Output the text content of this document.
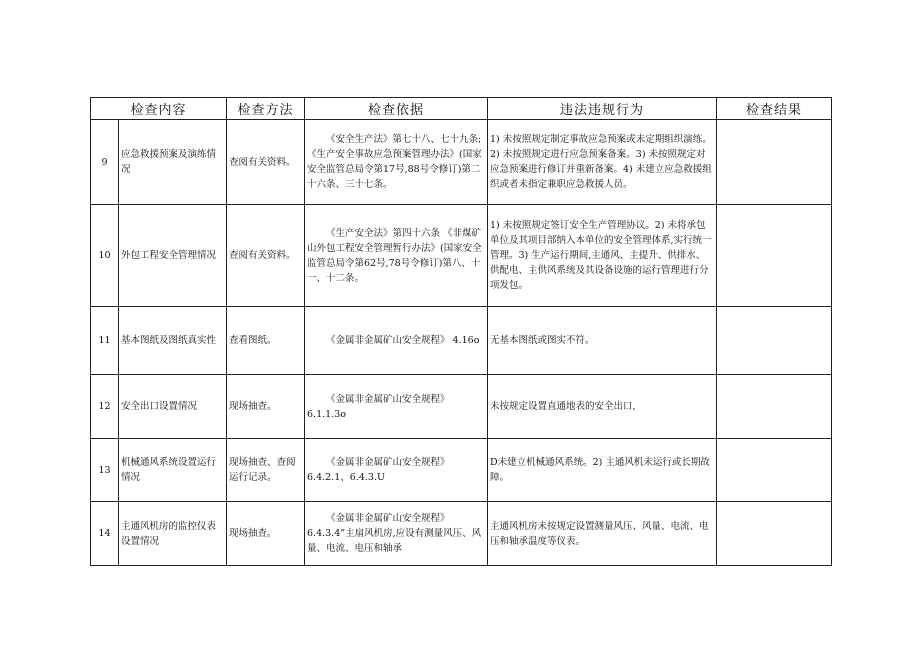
检查内容		检查方法	检查依据	违法违规行为	检查结果
9	应急救援预案及演练情况	查阅有关资料。	《安全生产法》第七十八、七十九条;《生产安全事故应急预案管理办法》(国家安全监管总局令第17号,88号令修订)第二十六条、三十七条。	1) 未按照规定制定事故应急预案或未定期组织演练。2) 未按照规定进行应急预案备案。3) 未按照规定对应急预案进行修订并重新备案。4) 未建立应急救援组织或者未指定兼职应急救援人员。	
10	外包工程安全管理情况	查阅有关资料。	《生产安全法》第四十六条 《非煤矿山外包工程安全管理暂行办法》(国家安全监管总局令第62号,78号令修订)第八、十一、十二条。	1) 未按照规定签订安全生产管理协议。2) 未将承包单位及其项目部纳入本单位的安全管理体系,实行统一管理。3) 生产运行期间,主通风、主提升、供排水、供配电、主供风系统及其设备设施的运行管理进行分项发包。	
11	基本图纸及图纸真实性	查看图纸。	《金属非金属矿山安全规程》 4.16o	无基本图纸或图实不符。	
12	安全出口设置情况	现场抽查。	《金属非金属矿山安全规程》 6.1.1.3o	未按规定设置直通地表的安全出口,	
13	机械通风系统设置运行情况	现场抽查、查阅运行记录。	《金属非金属矿山安全规程》 6.4.2.1、6.4.3.U	D未建立机械通风系统。2) 主通风机未运行或长期故障。	
14	主通风机房的监控仪表设置情况	现场抽查。	《金属非金属矿山安全规程》 6.4.3.4”主扇风机房,应设有测量风压、风量、电流、电压和轴承	主通风机房未按规定设置测量风压、风量、电流、电压和轴承温度等仪表。	
